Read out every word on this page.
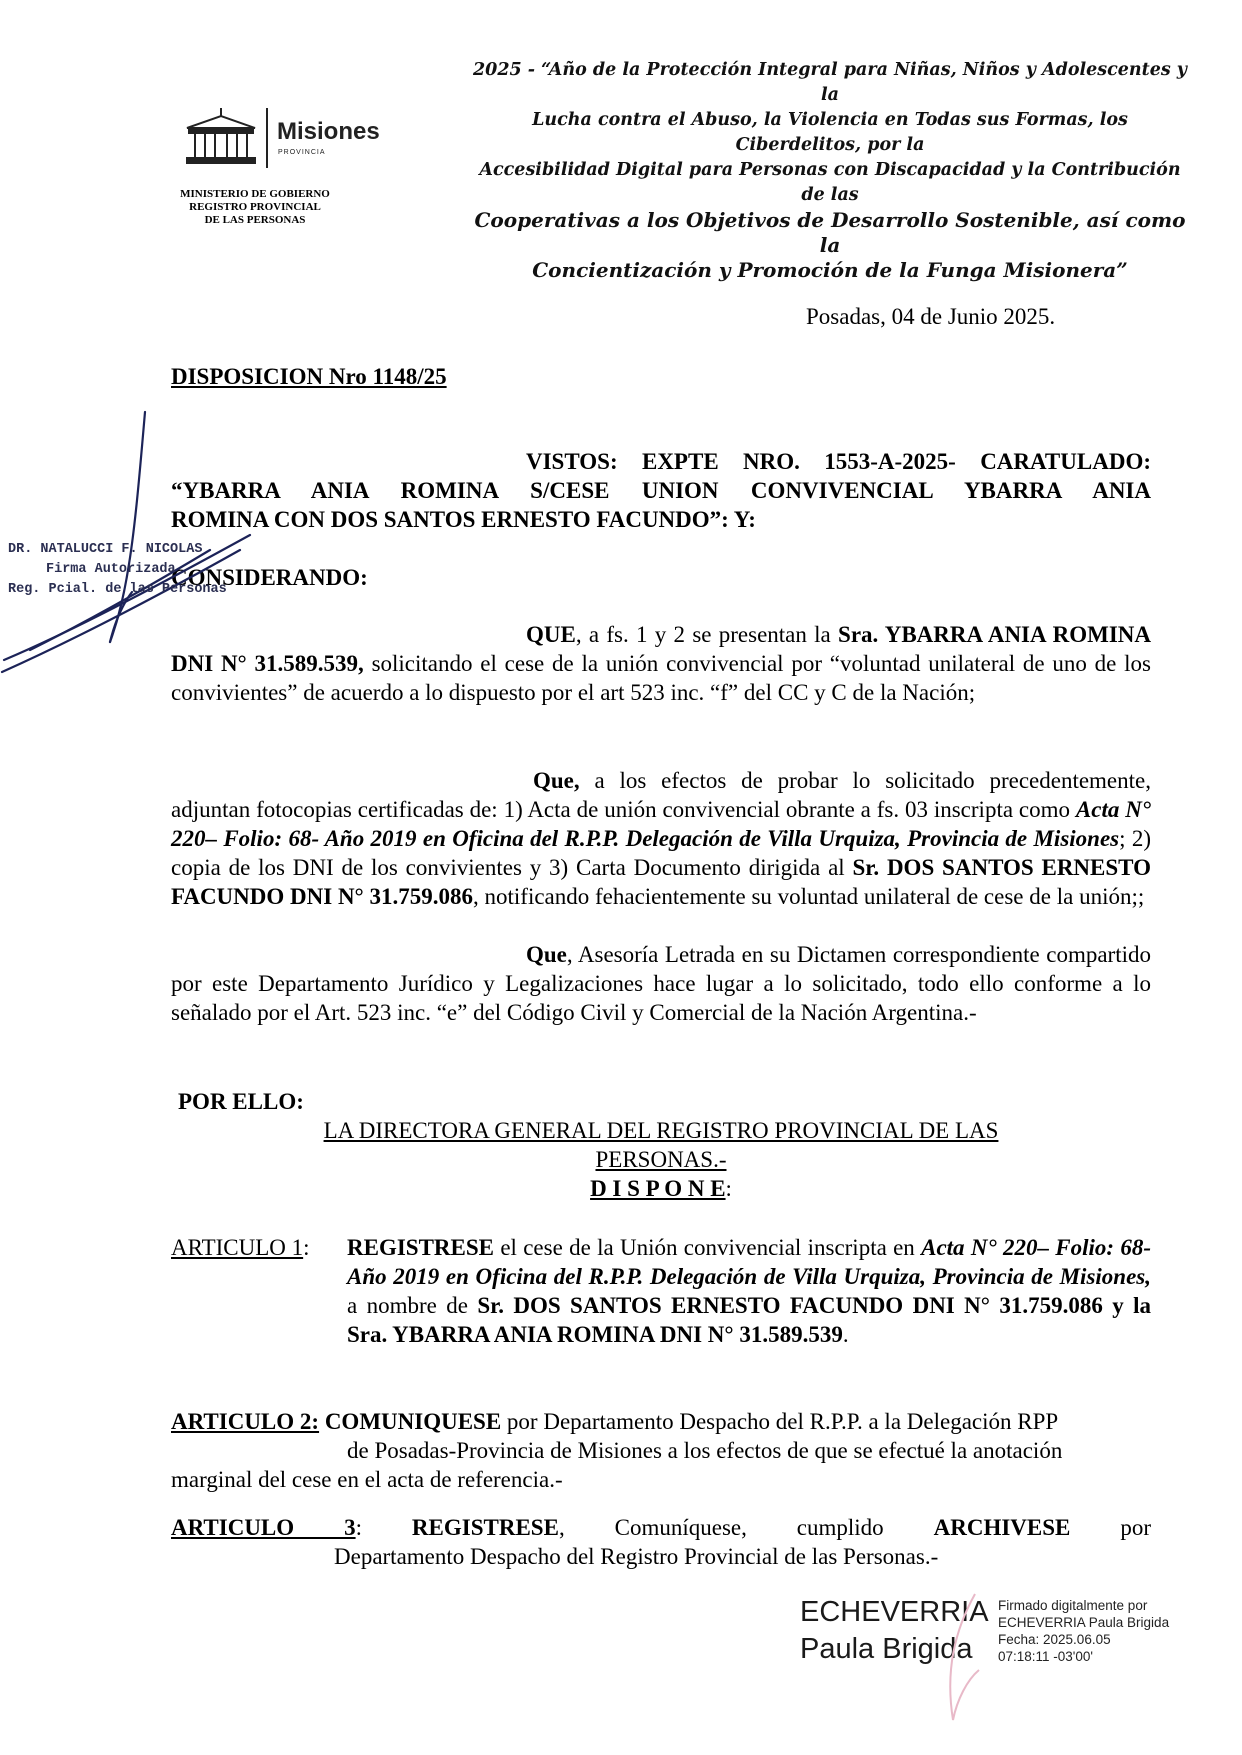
2025 - “Año de la Protección Integral para Niñas, Niños y Adolescentes y la
Lucha contra el Abuso, la Violencia en Todas sus Formas, los Ciberdelitos, por la
Accesibilidad Digital para Personas con Discapacidad y la Contribución de las
Cooperativas a los Objetivos de Desarrollo Sostenible, así como la
Concientización y Promoción de la Funga Misionera”
Misiones
PROVINCIA
MINISTERIO DE GOBIERNO
REGISTRO PROVINCIAL
DE LAS PERSONAS
Posadas, 04 de Junio 2025.
DISPOSICION Nro 1148/25
VISTOS: EXPTE NRO. 1553-A-2025- CARATULADO:
“YBARRA ANIA ROMINA S/CESE UNION CONVIVENCIAL YBARRA ANIA
ROMINA CON DOS SANTOS ERNESTO FACUNDO”: Y:
CONSIDERANDO:
QUE, a fs. 1 y 2 se presentan la Sra. YBARRA ANIA ROMINA DNI N° 31.589.539, solicitando el cese de la unión convivencial por “voluntad unilateral de uno de los convivientes” de acuerdo a lo dispuesto por el art 523 inc. “f” del CC y C de la Nación;
Que, a los efectos de probar lo solicitado precedentemente, adjuntan fotocopias certificadas de: 1) Acta de unión convivencial obrante a fs. 03 inscripta como Acta N° 220– Folio: 68- Año 2019 en Oficina del R.P.P. Delegación de Villa Urquiza, Provincia de Misiones; 2) copia de los DNI de los convivientes y 3) Carta Documento dirigida al Sr. DOS SANTOS ERNESTO FACUNDO DNI N° 31.759.086, notificando fehacientemente su voluntad unilateral de cese de la unión;;
Que, Asesoría Letrada en su Dictamen correspondiente compartido por este Departamento Jurídico y Legalizaciones hace lugar a lo solicitado, todo ello conforme a lo señalado por el Art. 523 inc. “e” del Código Civil y Comercial de la Nación Argentina.-
POR ELLO:
LA DIRECTORA GENERAL DEL REGISTRO PROVINCIAL DE LAS
PERSONAS.-
D I S P O N E:
ARTICULO 1: REGISTRESE el cese de la Unión convivencial inscripta en Acta N° 220– Folio: 68- Año 2019 en Oficina del R.P.P. Delegación de Villa Urquiza, Provincia de Misiones, a nombre de Sr. DOS SANTOS ERNESTO FACUNDO DNI N° 31.759.086 y la Sra. YBARRA ANIA ROMINA DNI N° 31.589.539.
ARTICULO 2: COMUNIQUESE por Departamento Despacho del R.P.P. a la Delegación RPP
de Posadas-Provincia de Misiones a los efectos de que se efectué la anotación
marginal del cese en el acta de referencia.-
ARTICULO 3: REGISTRESE, Comuníquese, cumplido ARCHIVESE por
Departamento Despacho del Registro Provincial de las Personas.-
DR. NATALUCCI F. NICOLAS
Firma Autorizada
Reg. Pcial. de las Personas
ECHEVERRIA
Paula Brigida
Firmado digitalmente por
ECHEVERRIA Paula Brigida
Fecha: 2025.06.05
07:18:11 -03'00'
